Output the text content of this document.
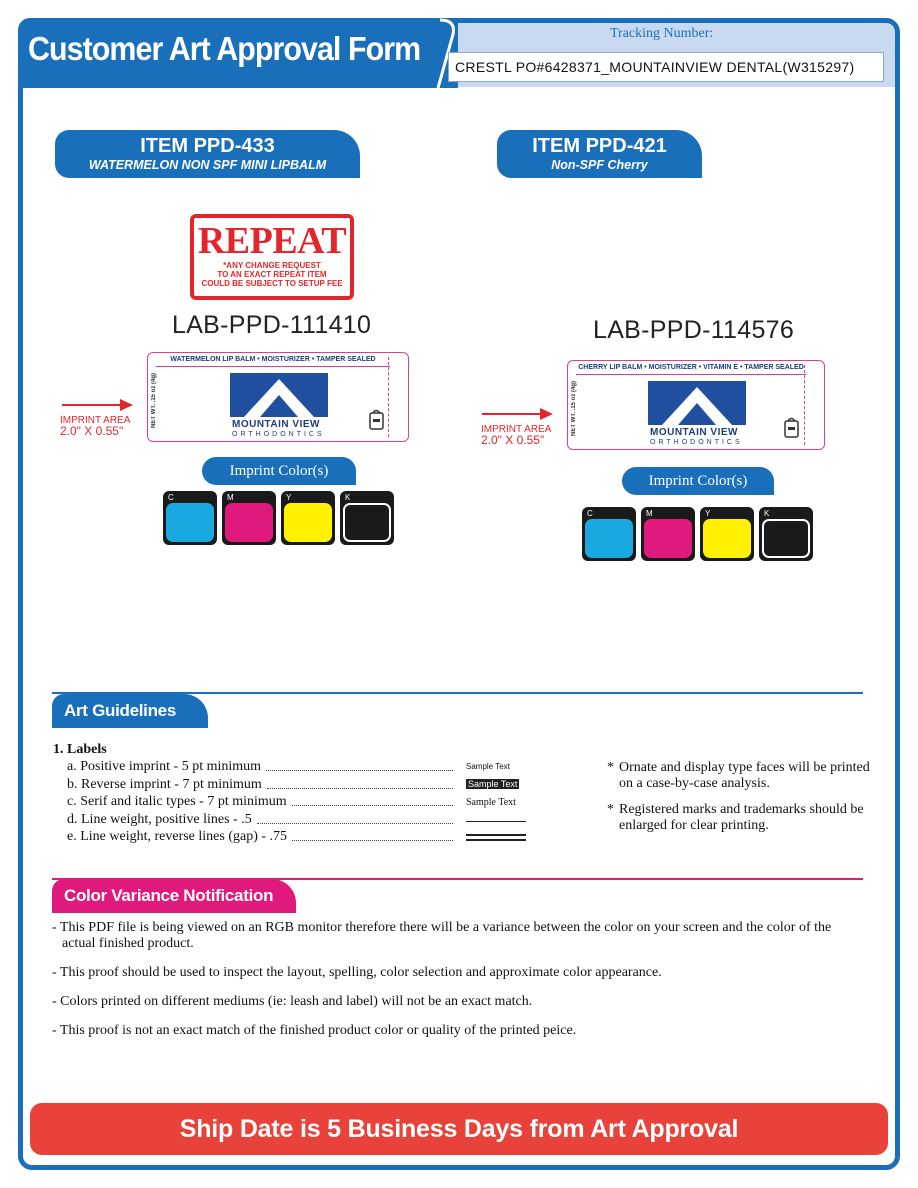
Customer Art Approval Form	Tracking Number:
CRESTL PO#6428371_MOUNTAINVIEW DENTAL(W315297)
ITEM PPD-433
WATERMELON NON SPF MINI LIPBALM
REPEAT
*ANY CHANGE REQUEST
TO AN EXACT REPEAT ITEM
COULD BE SUBJECT TO SETUP FEE
LAB-PPD-111410
WATERMELON LIP BALM • MOISTURIZER • TAMPER SEALED
NET WT. .15 oz (4g)	MOUNTAIN VIEW
ORTHODONTICS
IMPRINT AREA
2.0" X 0.55"
Imprint Color(s)
C	M	Y	K
ITEM PPD-421
Non-SPF Cherry
LAB-PPD-114576
CHERRY LIP BALM • MOISTURIZER • VITAMIN E • TAMPER SEALED
NET WT. .15 oz (4g)	MOUNTAIN VIEW
ORTHODONTICS
IMPRINT AREA
2.0" X 0.55"
Imprint Color(s)
C	M	Y	K
Art Guidelines
1. Labels
a. Positive imprint - 5 pt minimum	Sample Text
b. Reverse imprint - 7 pt minimum	Sample Text
c. Serif and italic types - 7 pt minimum	Sample Text
d. Line weight, positive lines - .5
e. Line weight, reverse lines (gap) - .75
* Ornate and display type faces will be printed on a case-by-case analysis.
* Registered marks and trademarks should be enlarged for clear printing.
Color Variance Notification
- This PDF file is being viewed on an RGB monitor therefore there will be a variance between the color on your screen and the color of the actual finished product.
- This proof should be used to inspect the layout, spelling, color selection and approximate color appearance.
- Colors printed on different mediums (ie: leash and label) will not be an exact match.
- This proof is not an exact match of the finished product color or quality of the printed peice.
Ship Date is 5 Business Days from Art Approval
